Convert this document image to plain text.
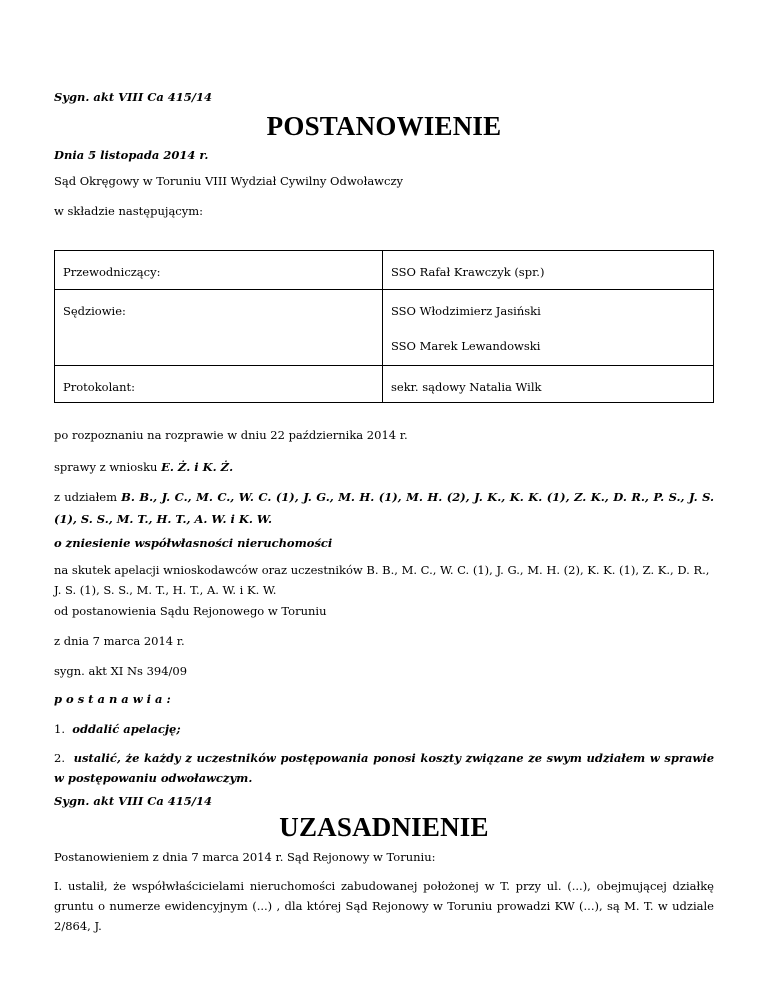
Sygn. akt VIII Ca 415/14

POSTANOWIENIE

Dnia 5 listopada 2014 r.

Sąd Okręgowy w Toruniu VIII Wydział Cywilny Odwoławczy

w składzie następującym:

Przewodniczący:	SSO Rafał Krawczyk (spr.)

Sędziowie:	SSO Włodzimierz Jasiński
SSO Marek Lewandowski

Protokolant:	sekr. sądowy Natalia Wilk

po rozpoznaniu na rozprawie w dniu 22 października 2014 r.

sprawy z wniosku E. Ż. i K. Ż.

z udziałem B. B., J. C., M. C., W. C. (1), J. G., M. H. (1), M. H. (2), J. K., K. K. (1), Z. K., D. R., P. S., J. S. (1), S. S., M. T., H. T., A. W. i K. W.

o zniesienie współwłasności nieruchomości

na skutek apelacji wnioskodawców oraz uczestników B. B., M. C., W. C. (1), J. G., M. H. (2), K. K. (1), Z. K., D. R., J. S. (1), S. S., M. T., H. T., A. W. i K. W.

od postanowienia Sądu Rejonowego w Toruniu

z dnia 7 marca 2014 r.

sygn. akt XI Ns 394/09

postanawia:

1. oddalić apelację;

2. ustalić, że każdy z uczestników postępowania ponosi koszty związane ze swym udziałem w sprawie w postępowaniu odwoławczym.

Sygn. akt VIII Ca 415/14

UZASADNIENIE

Postanowieniem z dnia 7 marca 2014 r. Sąd Rejonowy w Toruniu:

I. ustalił, że współwłaścicielami nieruchomości zabudowanej położonej w T. przy ul. (...), obejmującej działkę gruntu o numerze ewidencyjnym (...) , dla której Sąd Rejonowy w Toruniu prowadzi KW (...), są M. T. w udziale 2/864, J.
